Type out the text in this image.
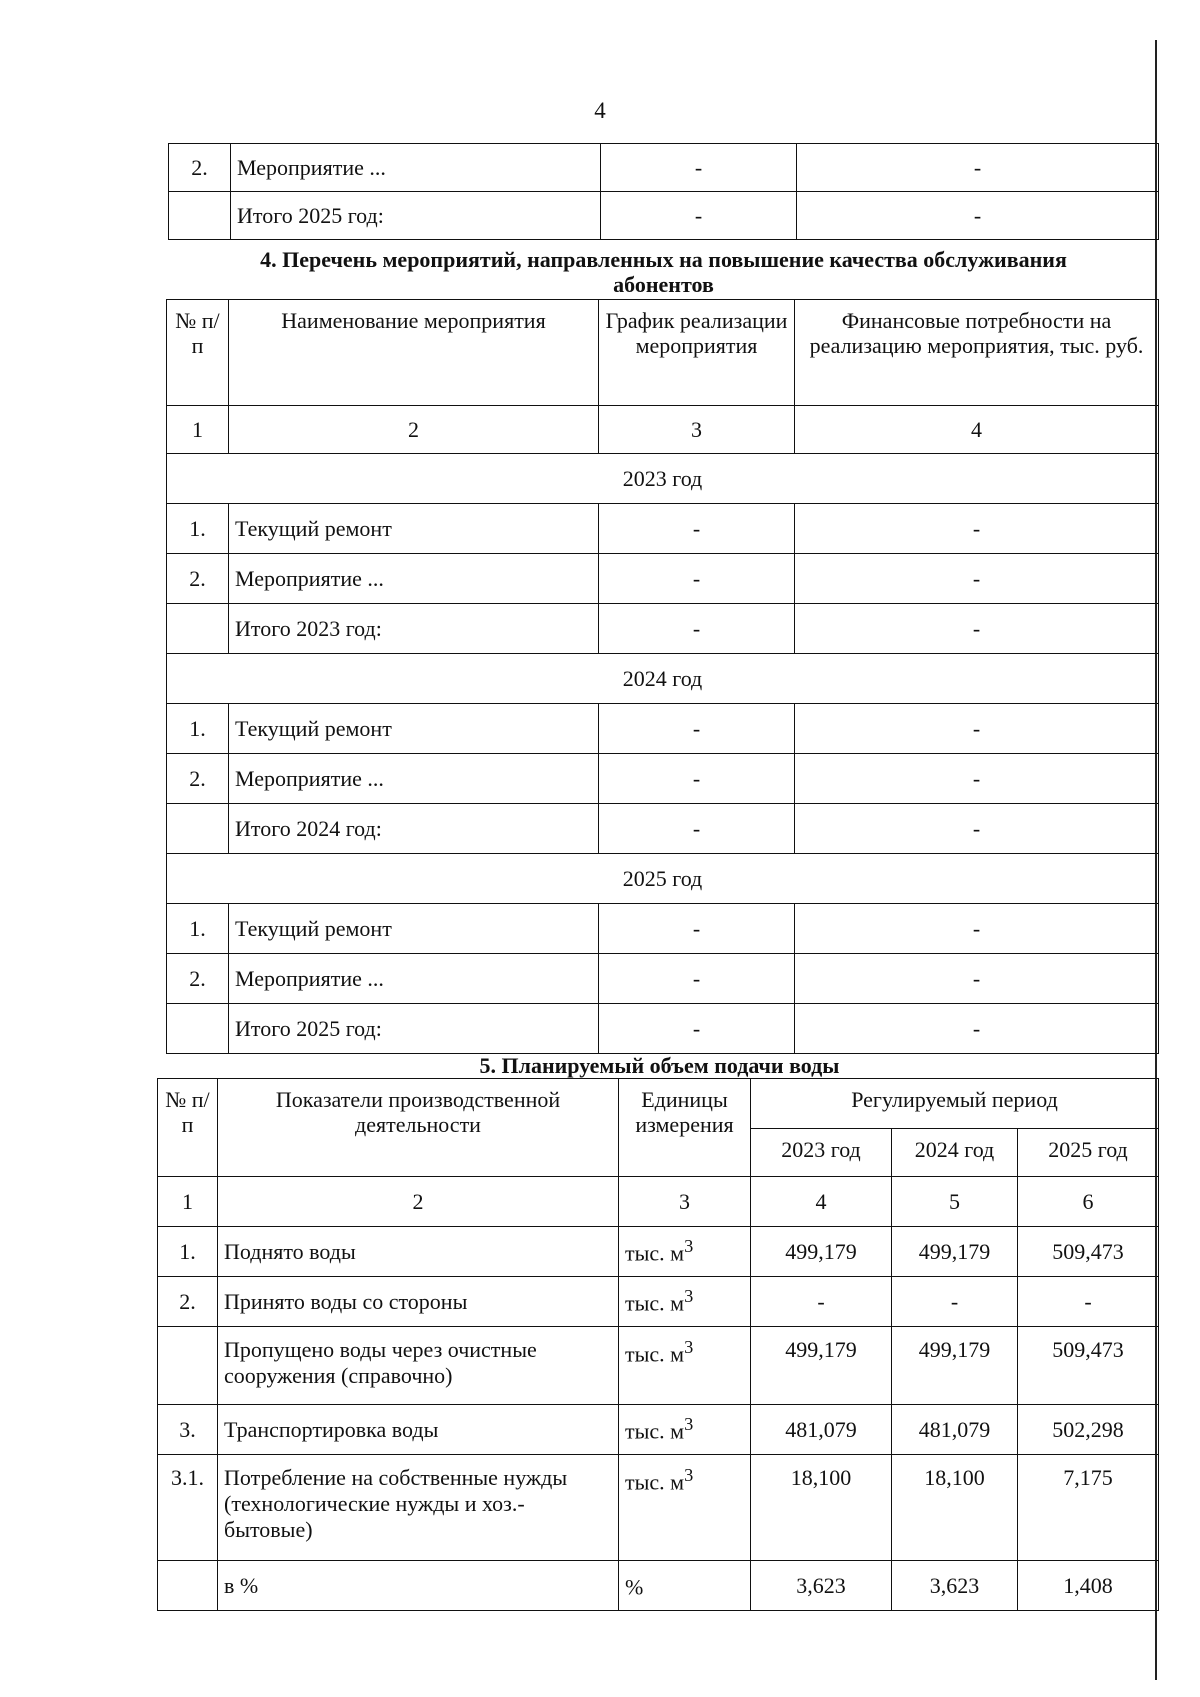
4
2.	Мероприятие ...	-	-
	Итого 2025 год:	-	-
4. Перечень мероприятий, направленных на повышение качества обслуживания
абонентов
№ п/п	Наименование мероприятия	График реализации мероприятия	Финансовые потребности на реализацию мероприятия, тыс. руб.
1	2	3	4
2023 год			
1.	Текущий ремонт	-	-
2.	Мероприятие ...	-	-
	Итого 2023 год:	-	-
2024 год			
1.	Текущий ремонт	-	-
2.	Мероприятие ...	-	-
	Итого 2024 год:	-	-
2025 год			
1.	Текущий ремонт	-	-
2.	Мероприятие ...	-	-
	Итого 2025 год:	-	-
5. Планируемый объем подачи воды
№ п/п	Показатели производственной деятельности	Единицы измерения	Регулируемый период		
			2023 год	2024 год	2025 год
1	2	3	4	5	6
1.	Поднято воды	тыс. $м^3$	499,179	499,179	509,473
2.	Принято воды со стороны	тыс. $м^3$	-	-	-
	Пропущено воды через очистные сооружения (справочно)	тыс. $м^3$	499,179	499,179	509,473
3.	Транспортировка воды	тыс. $м^3$	481,079	481,079	502,298
3.1.	Потребление на собственные нужды (технологические нужды и хоз.-бытовые)	тыс. $м^3$	18,100	18,100	7,175
	в %	%	3,623	3,623	1,408
